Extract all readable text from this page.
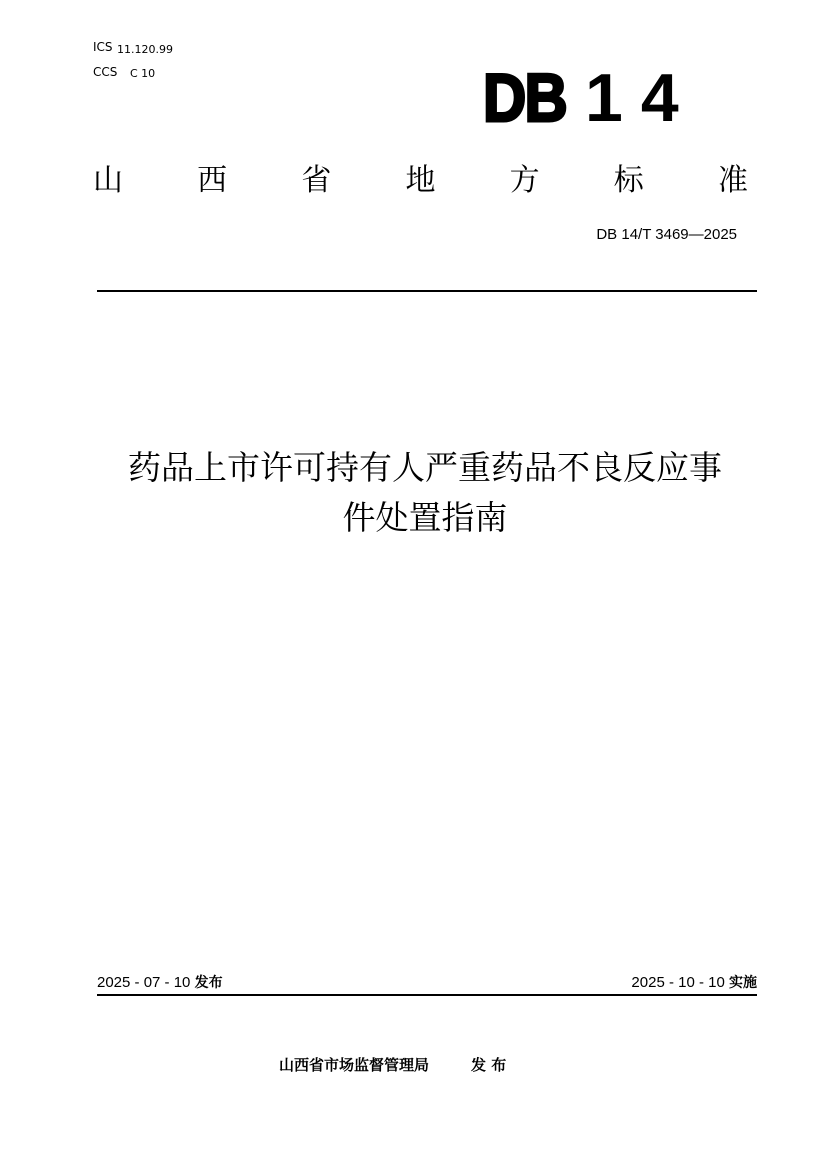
ICS 11.120.99
CCS C 10	DB 14
山 西 省 地 方 标 准
DB 14/T 3469—2025
药品上市许可持有人严重药品不良反应事
件处置指南
2025 - 07 - 10 发布	2025 - 10 - 10 实施
山西省市场监督管理局	发 布
